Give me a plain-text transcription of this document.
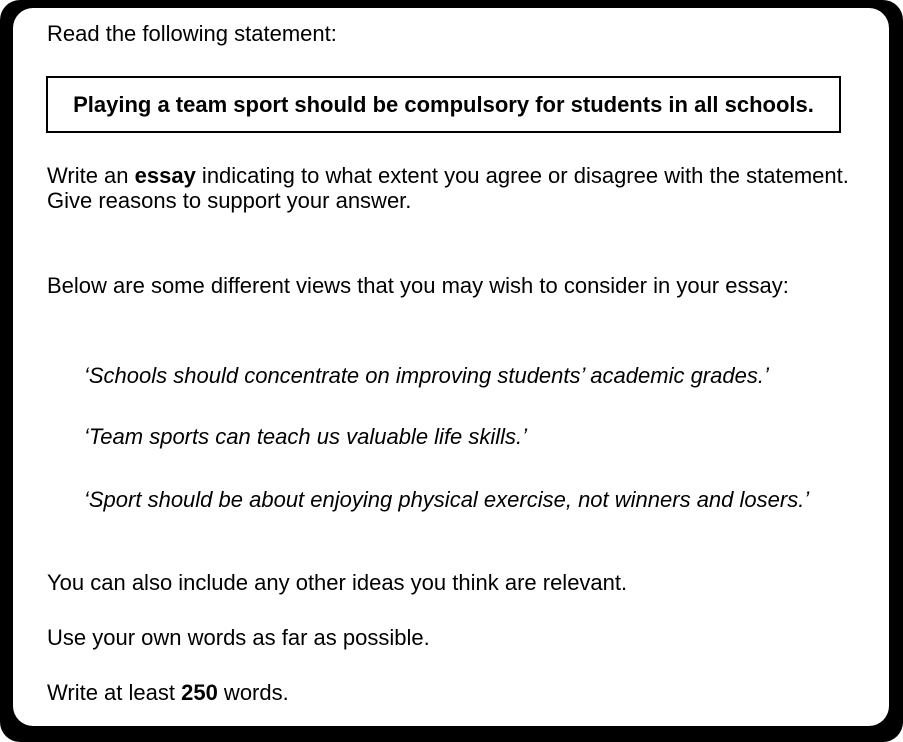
Read the following statement:
Playing a team sport should be compulsory for students in all schools.
Write an essay indicating to what extent you agree or disagree with the statement.
Give reasons to support your answer.
Below are some different views that you may wish to consider in your essay:
‘Schools should concentrate on improving students’ academic grades.’
‘Team sports can teach us valuable life skills.’
‘Sport should be about enjoying physical exercise, not winners and losers.’
You can also include any other ideas you think are relevant.
Use your own words as far as possible.
Write at least 250 words.
